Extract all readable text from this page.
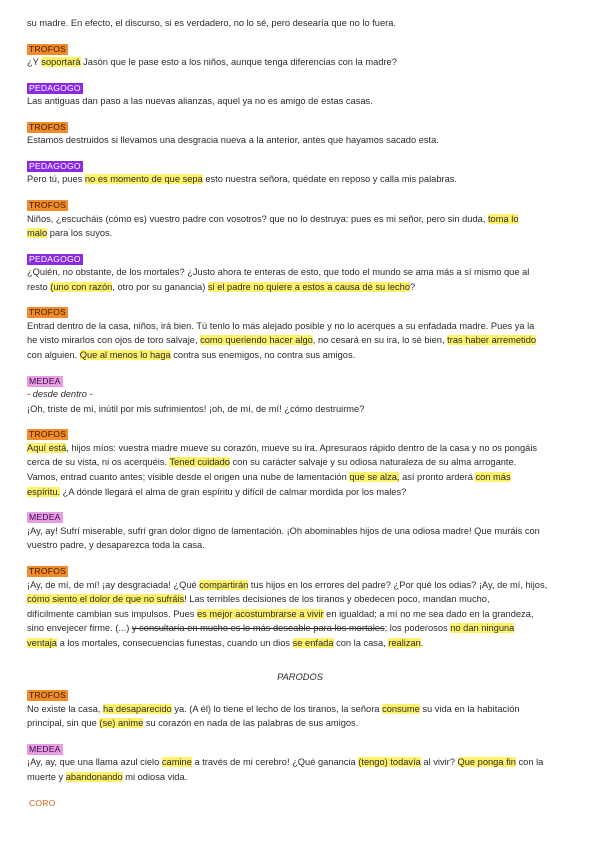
su madre. En efecto, el discurso, si es verdadero, no lo sé, pero desearía que no lo fuera.
TROFOS
¿Y soportará Jasón que le pase esto a los niños, aunque tenga diferencias con la madre?
PEDAGOGO
Las antiguas dan paso a las nuevas alianzas, aquel ya no es amigo de estas casas.
TROFOS
Estamos destruidos si llevamos una desgracia nueva a la anterior, antes que hayamos sacado esta.
PEDAGOGO
Pero tú, pues no es momento de que sepa esto nuestra señora, quédate en reposo y calla mis palabras.
TROFOS
Niños, ¿escucháis (cómo es) vuestro padre con vosotros? que no lo destruya: pues es mi señor, pero sin duda, toma lo
malo para los suyos.
PEDAGOGO
¿Quién, no obstante, de los mortales? ¿Justo ahora te enteras de esto, que todo el mundo se ama más a sí mismo que al
resto (uno con razón, otro por su ganancia) si el padre no quiere a estos a causa de su lecho?
TROFOS
Entrad dentro de la casa, niños, irá bien. Tú tenlo lo más alejado posible y no lo acerques a su enfadada madre. Pues ya la
he visto mirarlos con ojos de toro salvaje, como queriendo hacer algo, no cesará en su ira, lo sé bien, tras haber arremetido
con alguien. Que al menos lo haga contra sus enemigos, no contra sus amigos.
MEDEA
- desde dentro -
¡Oh, triste de mí, inútil por mis sufrimientos! ¡oh, de mí, de mí! ¿cómo destruirme?
TROFOS
Aquí está, hijos míos: vuestra madre mueve su corazón, mueve su ira. Apresuraos rápido dentro de la casa y no os pongáis
cerca de su vista, ni os acerquéis. Tened cuidado con su carácter salvaje y su odiosa naturaleza de su alma arrogante.
Vamos, entrad cuanto antes; visible desde el origen una nube de lamentación que se alza, así pronto arderá con más
espíritu. ¿A dónde llegará el alma de gran espíritu y difícil de calmar mordida por los males?
MEDEA
¡Ay, ay! Sufrí miserable, sufrí gran dolor digno de lamentación. ¡Oh abominables hijos de una odiosa madre! Que muráis con
vuestro padre, y desaparezca toda la casa.
TROFOS
¡Ay, de mí, de mí! ¡ay desgraciada! ¿Qué compartirán tus hijos en los errores del padre? ¿Por qué los odias? ¡Ay, de mí, hijos,
cómo siento el dolor de que no sufráis! Las terribles decisiones de los tiranos y obedecen poco, mandan mucho,
difícilmente cambian sus impulsos. Pues es mejor acostumbrarse a vivir en igualdad; a mí no me sea dado en la grandeza,
sino envejecer firme. (...) y consultaría en mucho es lo más deseable para los mortales; los poderosos no dan ninguna
ventaja a los mortales, consecuencias funestas, cuando un dios se enfada con la casa, realizan.
PARODOS
TROFOS
No existe la casa, ha desaparecido ya. (A él) lo tiene el lecho de los tiranos, la señora consume su vida en la habitación
principal, sin que (se) anime su corazón en nada de las palabras de sus amigos.
MEDEA
¡Ay, ay, que una llama azul cielo camine a través de mi cerebro! ¿Qué ganancia (tengo) todavía al vivir? Que ponga fin con la
muerte y abandonando mi odiosa vida.
CORO
